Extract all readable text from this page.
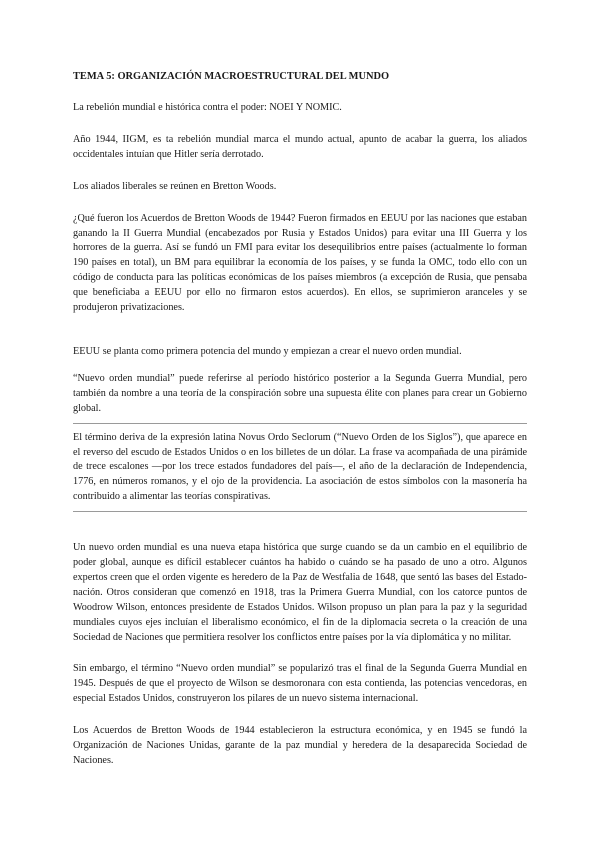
TEMA 5: ORGANIZACIÓN MACROESTRUCTURAL DEL MUNDO

La rebelión mundial e histórica contra el poder: NOEI Y NOMIC.

Año 1944, IIGM, es ta rebelión mundial marca el mundo actual, apunto de acabar la guerra, los aliados occidentales intuían que Hitler sería derrotado.

Los aliados liberales se reúnen en Bretton Woods.

¿Qué fueron los Acuerdos de Bretton Woods de 1944? Fueron firmados en EEUU por las naciones que estaban ganando la II Guerra Mundial (encabezados por Rusia y Estados Unidos) para evitar una III Guerra y los horrores de la guerra. Así se fundó un FMI para evitar los desequilibrios entre países (actualmente lo forman 190 países en total), un BM para equilibrar la economía de los países, y se funda la OMC, todo ello con un código de conducta para las políticas económicas de los países miembros (a excepción de Rusia, que pensaba que beneficiaba a EEUU por ello no firmaron estos acuerdos). En ellos, se suprimieron aranceles y se produjeron privatizaciones.

EEUU se planta como primera potencia del mundo y empiezan a crear el nuevo orden mundial.

“Nuevo orden mundial” puede referirse al período histórico posterior a la Segunda Guerra Mundial, pero también da nombre a una teoría de la conspiración sobre una supuesta élite con planes para crear un Gobierno global.

El término deriva de la expresión latina Novus Ordo Seclorum (“Nuevo Orden de los Siglos”), que aparece en el reverso del escudo de Estados Unidos o en los billetes de un dólar. La frase va acompañada de una pirámide de trece escalones —por los trece estados fundadores del país—, el año de la declaración de Independencia, 1776, en números romanos, y el ojo de la providencia. La asociación de estos símbolos con la masonería ha contribuido a alimentar las teorías conspirativas.

Un nuevo orden mundial es una nueva etapa histórica que surge cuando se da un cambio en el equilibrio de poder global, aunque es difícil establecer cuántos ha habido o cuándo se ha pasado de uno a otro. Algunos expertos creen que el orden vigente es heredero de la Paz de Westfalia de 1648, que sentó las bases del Estado-nación. Otros consideran que comenzó en 1918, tras la Primera Guerra Mundial, con los catorce puntos de Woodrow Wilson, entonces presidente de Estados Unidos. Wilson propuso un plan para la paz y la seguridad mundiales cuyos ejes incluían el liberalismo económico, el fin de la diplomacia secreta o la creación de una Sociedad de Naciones que permitiera resolver los conflictos entre países por la vía diplomática y no militar.

Sin embargo, el término “Nuevo orden mundial” se popularizó tras el final de la Segunda Guerra Mundial en 1945. Después de que el proyecto de Wilson se desmoronara con esta contienda, las potencias vencedoras, en especial Estados Unidos, construyeron los pilares de un nuevo sistema internacional.

Los Acuerdos de Bretton Woods de 1944 establecieron la estructura económica, y en 1945 se fundó la Organización de Naciones Unidas, garante de la paz mundial y heredera de la desaparecida Sociedad de Naciones.
